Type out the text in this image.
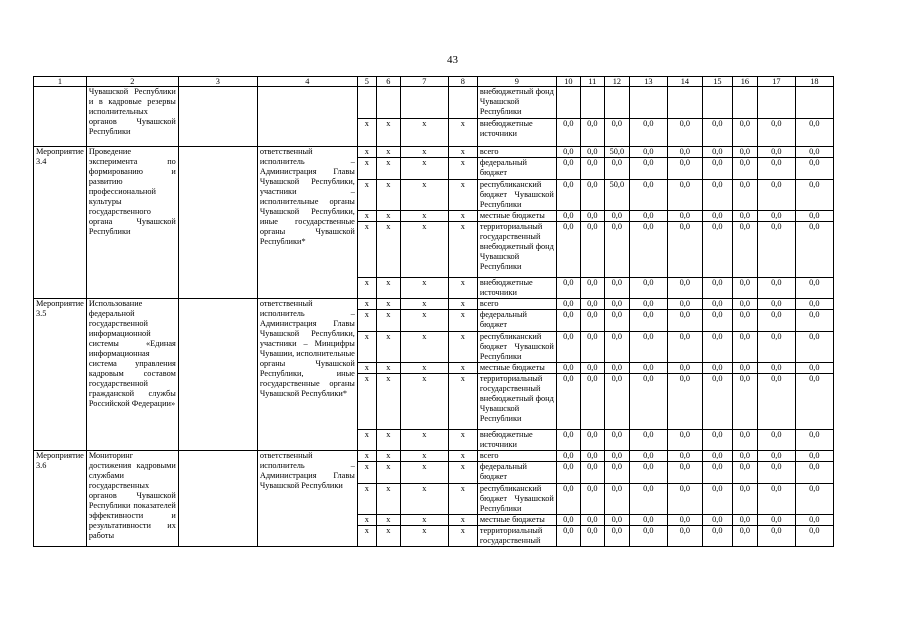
43
1	2	3	4	5	6	7	8	9	10	11	12	13	14	15	16	17	18
	Чувашской Республики и в кадровые резервы исполнительных органов Чувашской Республики							внебюджетный фонд Чувашской Республики									
				x	x	x	x	внебюджетные источники	0,0	0,0	0,0	0,0	0,0	0,0	0,0	0,0	0,0
Мероприятие 3.4	Проведение эксперимента по формированию и развитию профессиональной культуры государственного органа Чувашской Республики		ответственный исполнитель – Администрация Главы Чувашской Республики, участники – исполнительные органы Чувашской Республики, иные государственные органы Чувашской Республики*	x	x	x	x	всего	0,0	0,0	50,0	0,0	0,0	0,0	0,0	0,0	0,0
				x	x	x	x	федеральный бюджет	0,0	0,0	0,0	0,0	0,0	0,0	0,0	0,0	0,0
				x	x	x	x	республиканский бюджет Чувашской Республики	0,0	0,0	50,0	0,0	0,0	0,0	0,0	0,0	0,0
				x	x	x	x	местные бюджеты	0,0	0,0	0,0	0,0	0,0	0,0	0,0	0,0	0,0
				x	x	x	x	территориальный государственный внебюджетный фонд Чувашской Республики	0,0	0,0	0,0	0,0	0,0	0,0	0,0	0,0	0,0
				x	x	x	x	внебюджетные источники	0,0	0,0	0,0	0,0	0,0	0,0	0,0	0,0	0,0
Мероприятие 3.5	Использование федеральной государственной информационной системы «Единая информационная система управления кадровым составом государственной гражданской службы Российской Федерации»		ответственный исполнитель – Администрация Главы Чувашской Республики, участники – Минцифры Чувашии, исполнительные органы Чувашской Республики, иные государственные органы Чувашской Республики*	x	x	x	x	всего	0,0	0,0	0,0	0,0	0,0	0,0	0,0	0,0	0,0
				x	x	x	x	федеральный бюджет	0,0	0,0	0,0	0,0	0,0	0,0	0,0	0,0	0,0
				x	x	x	x	республиканский бюджет Чувашской Республики	0,0	0,0	0,0	0,0	0,0	0,0	0,0	0,0	0,0
				x	x	x	x	местные бюджеты	0,0	0,0	0,0	0,0	0,0	0,0	0,0	0,0	0,0
				x	x	x	x	территориальный государственный внебюджетный фонд Чувашской Республики	0,0	0,0	0,0	0,0	0,0	0,0	0,0	0,0	0,0
				x	x	x	x	внебюджетные источники	0,0	0,0	0,0	0,0	0,0	0,0	0,0	0,0	0,0
Мероприятие 3.6	Мониторинг достижения кадровыми службами государственных органов Чувашской Республики показателей эффективности и результативности их работы		ответственный исполнитель – Администрация Главы Чувашской Республики	x	x	x	x	всего	0,0	0,0	0,0	0,0	0,0	0,0	0,0	0,0	0,0
				x	x	x	x	федеральный бюджет	0,0	0,0	0,0	0,0	0,0	0,0	0,0	0,0	0,0
				x	x	x	x	республиканский бюджет Чувашской Республики	0,0	0,0	0,0	0,0	0,0	0,0	0,0	0,0	0,0
				x	x	x	x	местные бюджеты	0,0	0,0	0,0	0,0	0,0	0,0	0,0	0,0	0,0
				x	x	x	x	территориальный государственный	0,0	0,0	0,0	0,0	0,0	0,0	0,0	0,0	0,0
